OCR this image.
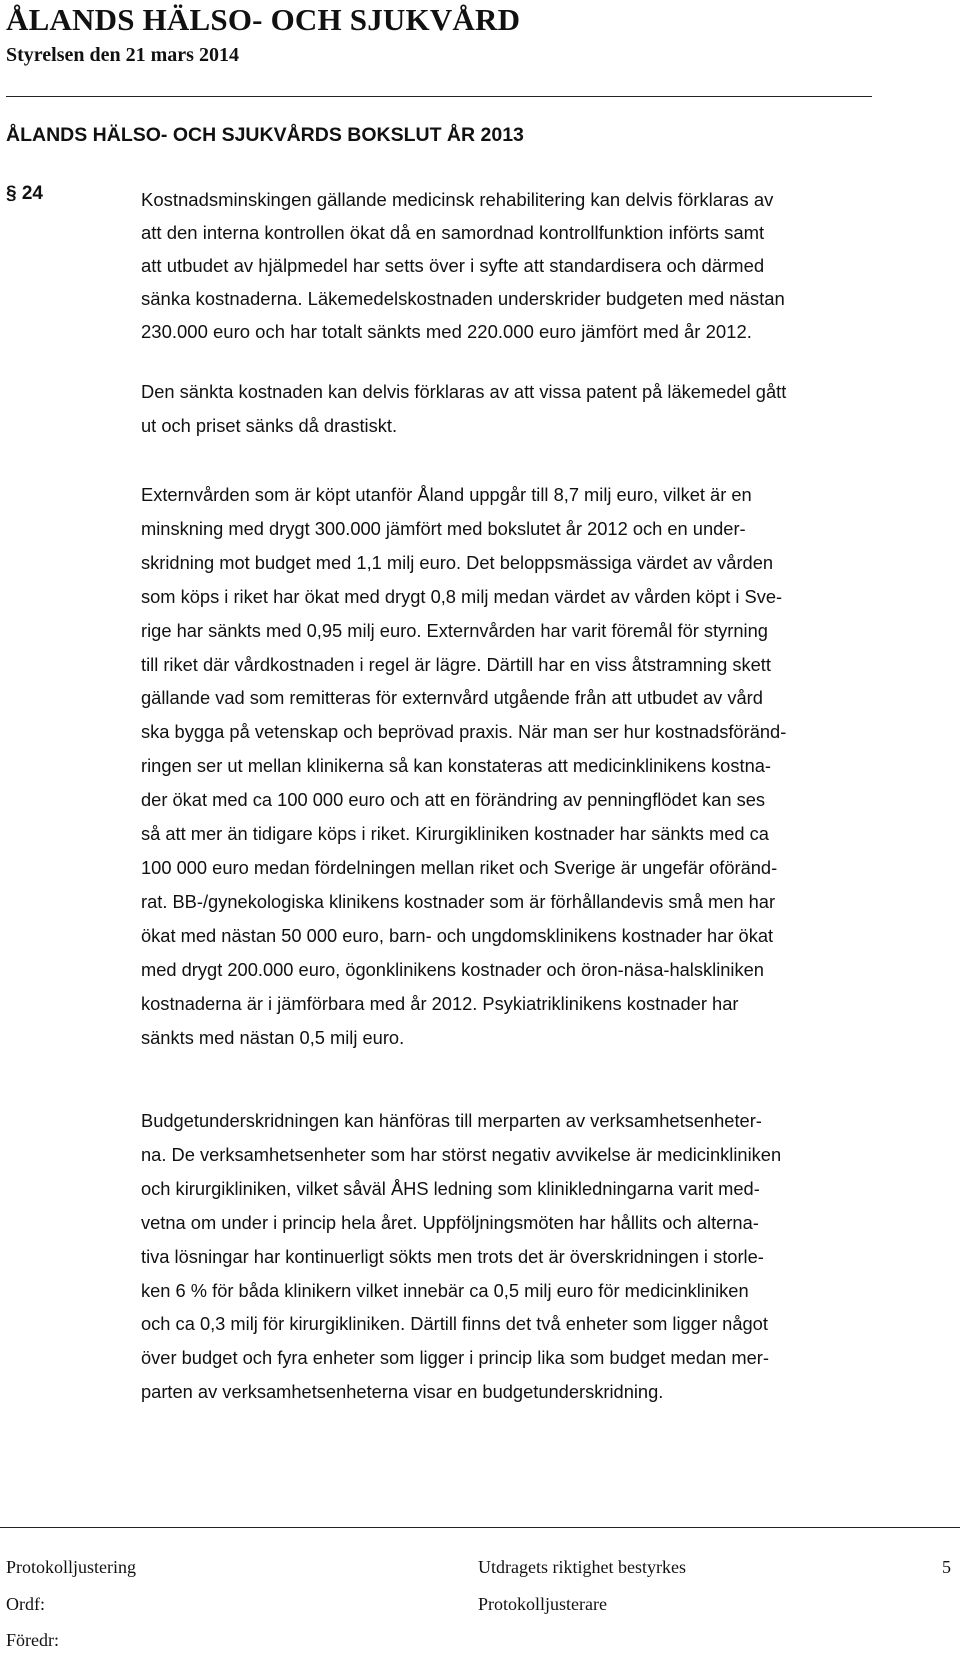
ÅLANDS HÄLSO- OCH SJUKVÅRD
Styrelsen den 21 mars 2014
ÅLANDS HÄLSO- OCH SJUKVÅRDS BOKSLUT ÅR 2013
§ 24	Kostnadsminskingen gällande medicinsk rehabilitering kan delvis förklaras av
att den interna kontrollen ökat då en samordnad kontrollfunktion införts samt
att utbudet av hjälpmedel har setts över i syfte att standardisera och därmed
sänka kostnaderna. Läkemedelskostnaden underskrider budgeten med nästan
230.000 euro och har totalt sänkts med 220.000 euro jämfört med år 2012.
Den sänkta kostnaden kan delvis förklaras av att vissa patent på läkemedel gått
ut och priset sänks då drastiskt.
Externvården som är köpt utanför Åland uppgår till 8,7 milj euro, vilket är en
minskning med drygt 300.000 jämfört med bokslutet år 2012 och en under-
skridning mot budget med 1,1 milj euro. Det beloppsmässiga värdet av vården
som köps i riket har ökat med drygt 0,8 milj medan värdet av vården köpt i Sve-
rige har sänkts med 0,95 milj euro. Externvården har varit föremål för styrning
till riket där vårdkostnaden i regel är lägre. Därtill har en viss åtstramning skett
gällande vad som remitteras för externvård utgående från att utbudet av vård
ska bygga på vetenskap och beprövad praxis. När man ser hur kostnadsföränd-
ringen ser ut mellan klinikerna så kan konstateras att medicinklinikens kostna-
der ökat med ca 100 000 euro och att en förändring av penningflödet kan ses
så att mer än tidigare köps i riket. Kirurgikliniken kostnader har sänkts med ca
100 000 euro medan fördelningen mellan riket och Sverige är ungefär oföränd-
rat. BB-/gynekologiska klinikens kostnader som är förhållandevis små men har
ökat med nästan 50 000 euro, barn- och ungdomsklinikens kostnader har ökat
med drygt 200.000 euro, ögonklinikens kostnader och öron-näsa-halskliniken
kostnaderna är i jämförbara med år 2012. Psykiatriklinikens kostnader har
sänkts med nästan 0,5 milj euro.
Budgetunderskridningen kan hänföras till merparten av verksamhetsenheter-
na. De verksamhetsenheter som har störst negativ avvikelse är medicinkliniken
och kirurgikliniken, vilket såväl ÅHS ledning som klinikledningarna varit med-
vetna om under i princip hela året. Uppföljningsmöten har hållits och alterna-
tiva lösningar har kontinuerligt sökts men trots det är överskridningen i storle-
ken 6 % för båda klinikern vilket innebär ca 0,5 milj euro för medicinkliniken
och ca 0,3 milj för kirurgikliniken. Därtill finns det två enheter som ligger något
över budget och fyra enheter som ligger i princip lika som budget medan mer-
parten av verksamhetsenheterna visar en budgetunderskridning.
Protokolljustering	Utdragets riktighet bestyrkes	5
Ordf:	Protokolljusterare
Föredr:
